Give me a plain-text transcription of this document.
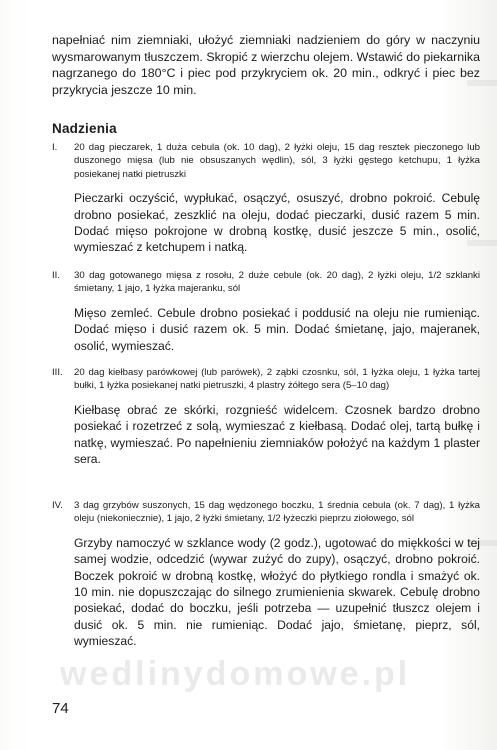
napełniać nim ziemniaki, ułożyć ziemniaki nadzieniem do góry w naczyniu wysmarowanym tłuszczem. Skropić z wierzchu olejem. Wstawić do piekarnika nagrzanego do 180°C i piec pod przykryciem ok. 20 min., odkryć i piec bez przykrycia jeszcze 10 min.
Nadzienia
I. 20 dag pieczarek, 1 duża cebula (ok. 10 dag), 2 łyżki oleju, 15 dag resztek pieczonego lub duszonego mięsa (lub nie obsuszanych wędlin), sól, 3 łyżki gęstego ketchupu, 1 łyżka posiekanej natki pietruszki
Pieczarki oczyścić, wypłukać, osączyć, osuszyć, drobno pokroić. Cebulę drobno posiekać, zeszklić na oleju, dodać pieczarki, dusić razem 5 min. Dodać mięso pokrojone w drobną kostkę, dusić jeszcze 5 min., osolić, wymieszać z ketchupem i natką.
II. 30 dag gotowanego mięsa z rosołu, 2 duże cebule (ok. 20 dag), 2 łyżki oleju, 1/2 szklanki śmietany, 1 jajo, 1 łyżka majeranku, sól
Mięso zemleć. Cebule drobno posiekać i poddusić na oleju nie rumieniąc. Dodać mięso i dusić razem ok. 5 min. Dodać śmietanę, jajo, majeranek, osolić, wymieszać.
III. 20 dag kiełbasy parówkowej (lub parówek), 2 ząbki czosnku, sól, 1 łyżka oleju, 1 łyżka tartej bułki, 1 łyżka posiekanej natki pietruszki, 4 plastry żółtego sera (5–10 dag)
Kiełbasę obrać ze skórki, rozgnieść widelcem. Czosnek bardzo drobno posiekać i rozetrzeć z solą, wymieszać z kiełbasą. Dodać olej, tartą bułkę i natkę, wymieszać. Po napełnieniu ziemniaków położyć na każdym 1 plaster sera.
IV. 3 dag grzybów suszonych, 15 dag wędzonego boczku, 1 średnia cebula (ok. 7 dag), 1 łyżka oleju (niekoniecznie), 1 jajo, 2 łyżki śmietany, 1/2 łyżeczki pieprzu ziołowego, sól
Grzyby namoczyć w szklance wody (2 godz.), ugotować do miękkości w tej samej wodzie, odcedzić (wywar zużyć do zupy), osączyć, drobno pokroić. Boczek pokroić w drobną kostkę, włożyć do płytkiego rondla i smażyć ok. 10 min. nie dopuszczając do silnego zrumienienia skwarek. Cebulę drobno posiekać, dodać do boczku, jeśli potrzeba — uzupełnić tłuszcz olejem i dusić ok. 5 min. nie rumieniąc. Dodać jajo, śmietanę, pieprz, sól, wymieszać.
wedlinydomowe.pl
74
